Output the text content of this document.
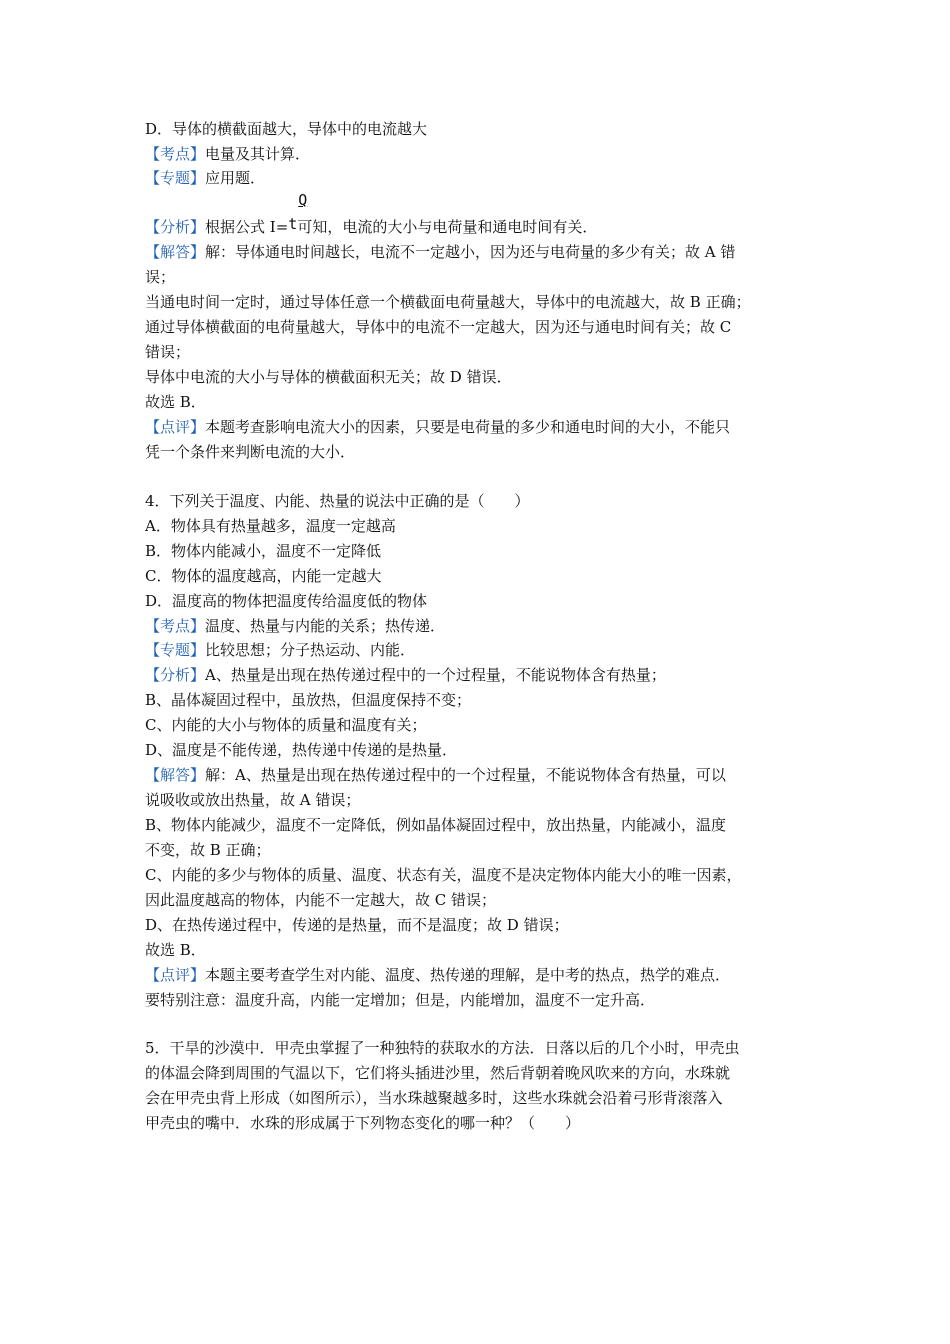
D．导体的横截面越大，导体中的电流越大
【考点】电量及其计算．
【专题】应用题．
【分析】根据公式 I=
Q
t可知，电流的大小与电荷量和通电时间有关．
【解答】解：导体通电时间越长，电流不一定越小，因为还与电荷量的多少有关；故 A 错
误；
当通电时间一定时，通过导体任意一个横截面电荷量越大，导体中的电流越大，故 B 正确；
通过导体横截面的电荷量越大，导体中的电流不一定越大，因为还与通电时间有关；故 C
错误；
导体中电流的大小与导体的横截面积无关；故 D 错误．
故选 B．
【点评】本题考查影响电流大小的因素，只要是电荷量的多少和通电时间的大小，不能只
凭一个条件来判断电流的大小．
4．下列关于温度、内能、热量的说法中正确的是（　　）
A．物体具有热量越多，温度一定越高
B．物体内能减小，温度不一定降低
C．物体的温度越高，内能一定越大
D．温度高的物体把温度传给温度低的物体
【考点】温度、热量与内能的关系；热传递．
【专题】比较思想；分子热运动、内能．
【分析】A、热量是出现在热传递过程中的一个过程量，不能说物体含有热量；
B、晶体凝固过程中，虽放热，但温度保持不变；
C、内能的大小与物体的质量和温度有关；
D、温度是不能传递，热传递中传递的是热量．
【解答】解：A、热量是出现在热传递过程中的一个过程量，不能说物体含有热量，可以
说吸收或放出热量，故 A 错误；
B、物体内能减少，温度不一定降低，例如晶体凝固过程中，放出热量，内能减小，温度
不变，故 B 正确；
C、内能的多少与物体的质量、温度、状态有关，温度不是决定物体内能大小的唯一因素，
因此温度越高的物体，内能不一定越大，故 C 错误；
D、在热传递过程中，传递的是热量，而不是温度；故 D 错误；
故选 B．
【点评】本题主要考查学生对内能、温度、热传递的理解，是中考的热点，热学的难点．
要特别注意：温度升高，内能一定增加；但是，内能增加，温度不一定升高．
5．干旱的沙漠中．甲壳虫掌握了一种独特的获取水的方法．日落以后的几个小时，甲壳虫
的体温会降到周围的气温以下，它们将头插进沙里，然后背朝着晚风吹来的方向，水珠就
会在甲壳虫背上形成（如图所示），当水珠越聚越多时，这些水珠就会沿着弓形背滚落入
甲壳虫的嘴中．水珠的形成属于下列物态变化的哪一种？（　　）
